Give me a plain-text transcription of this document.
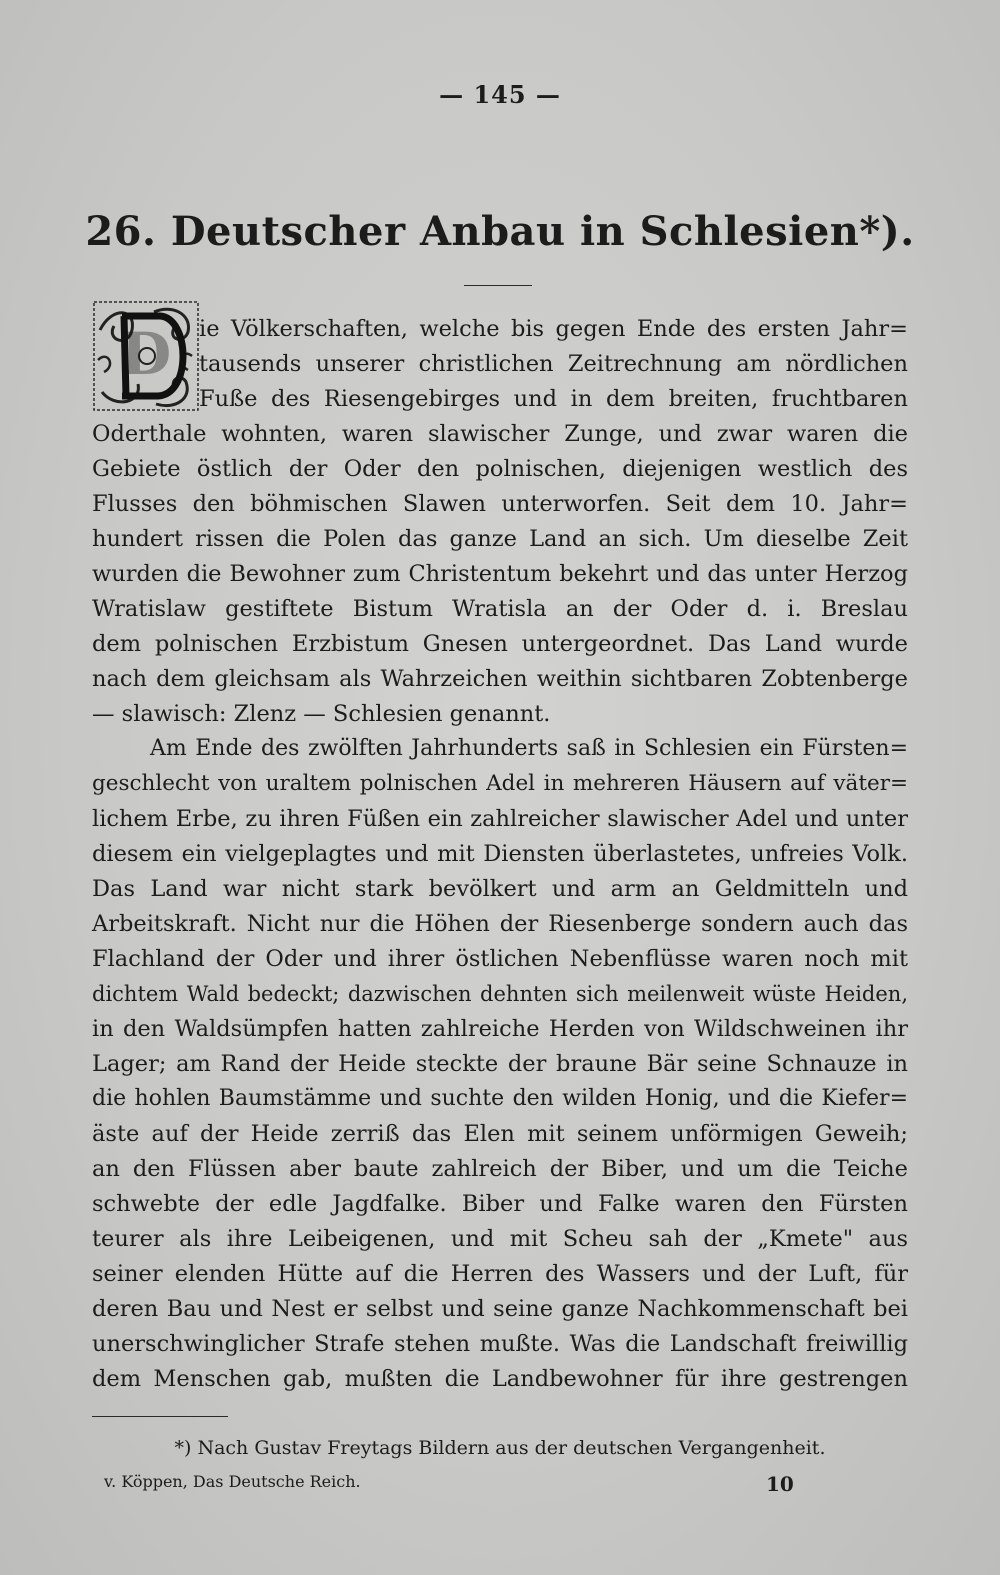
— 145 —
26. Deutscher Anbau in Schlesien*).
D ie Völkerschaften, welche bis gegen Ende des ersten Jahr=
tausends unserer christlichen Zeitrechnung am nördlichen
Fuße des Riesengebirges und in dem breiten, fruchtbaren
Oderthale wohnten, waren slawischer Zunge, und zwar waren die
Gebiete östlich der Oder den polnischen, diejenigen westlich des
Flusses den böhmischen Slawen unterworfen. Seit dem 10. Jahr=
hundert rissen die Polen das ganze Land an sich. Um dieselbe Zeit
wurden die Bewohner zum Christentum bekehrt und das unter Herzog
Wratislaw gestiftete Bistum Wratisla an der Oder d. i. Breslau
dem polnischen Erzbistum Gnesen untergeordnet. Das Land wurde
nach dem gleichsam als Wahrzeichen weithin sichtbaren Zobtenberge
— slawisch: Zlenz — Schlesien genannt.
Am Ende des zwölften Jahrhunderts saß in Schlesien ein Fürsten=
geschlecht von uraltem polnischen Adel in mehreren Häusern auf väter=
lichem Erbe, zu ihren Füßen ein zahlreicher slawischer Adel und unter
diesem ein vielgeplagtes und mit Diensten überlastetes, unfreies Volk.
Das Land war nicht stark bevölkert und arm an Geldmitteln und
Arbeitskraft. Nicht nur die Höhen der Riesenberge sondern auch das
Flachland der Oder und ihrer östlichen Nebenflüsse waren noch mit
dichtem Wald bedeckt; dazwischen dehnten sich meilenweit wüste Heiden,
in den Waldsümpfen hatten zahlreiche Herden von Wildschweinen ihr
Lager; am Rand der Heide steckte der braune Bär seine Schnauze in
die hohlen Baumstämme und suchte den wilden Honig, und die Kiefer=
äste auf der Heide zerriß das Elen mit seinem unförmigen Geweih;
an den Flüssen aber baute zahlreich der Biber, und um die Teiche
schwebte der edle Jagdfalke. Biber und Falke waren den Fürsten
teurer als ihre Leibeigenen, und mit Scheu sah der „Kmete" aus
seiner elenden Hütte auf die Herren des Wassers und der Luft, für
deren Bau und Nest er selbst und seine ganze Nachkommenschaft bei
unerschwinglicher Strafe stehen mußte. Was die Landschaft freiwillig
dem Menschen gab, mußten die Landbewohner für ihre gestrengen
*) Nach Gustav Freytags Bildern aus der deutschen Vergangenheit.
v. Köppen, Das Deutsche Reich.	10
